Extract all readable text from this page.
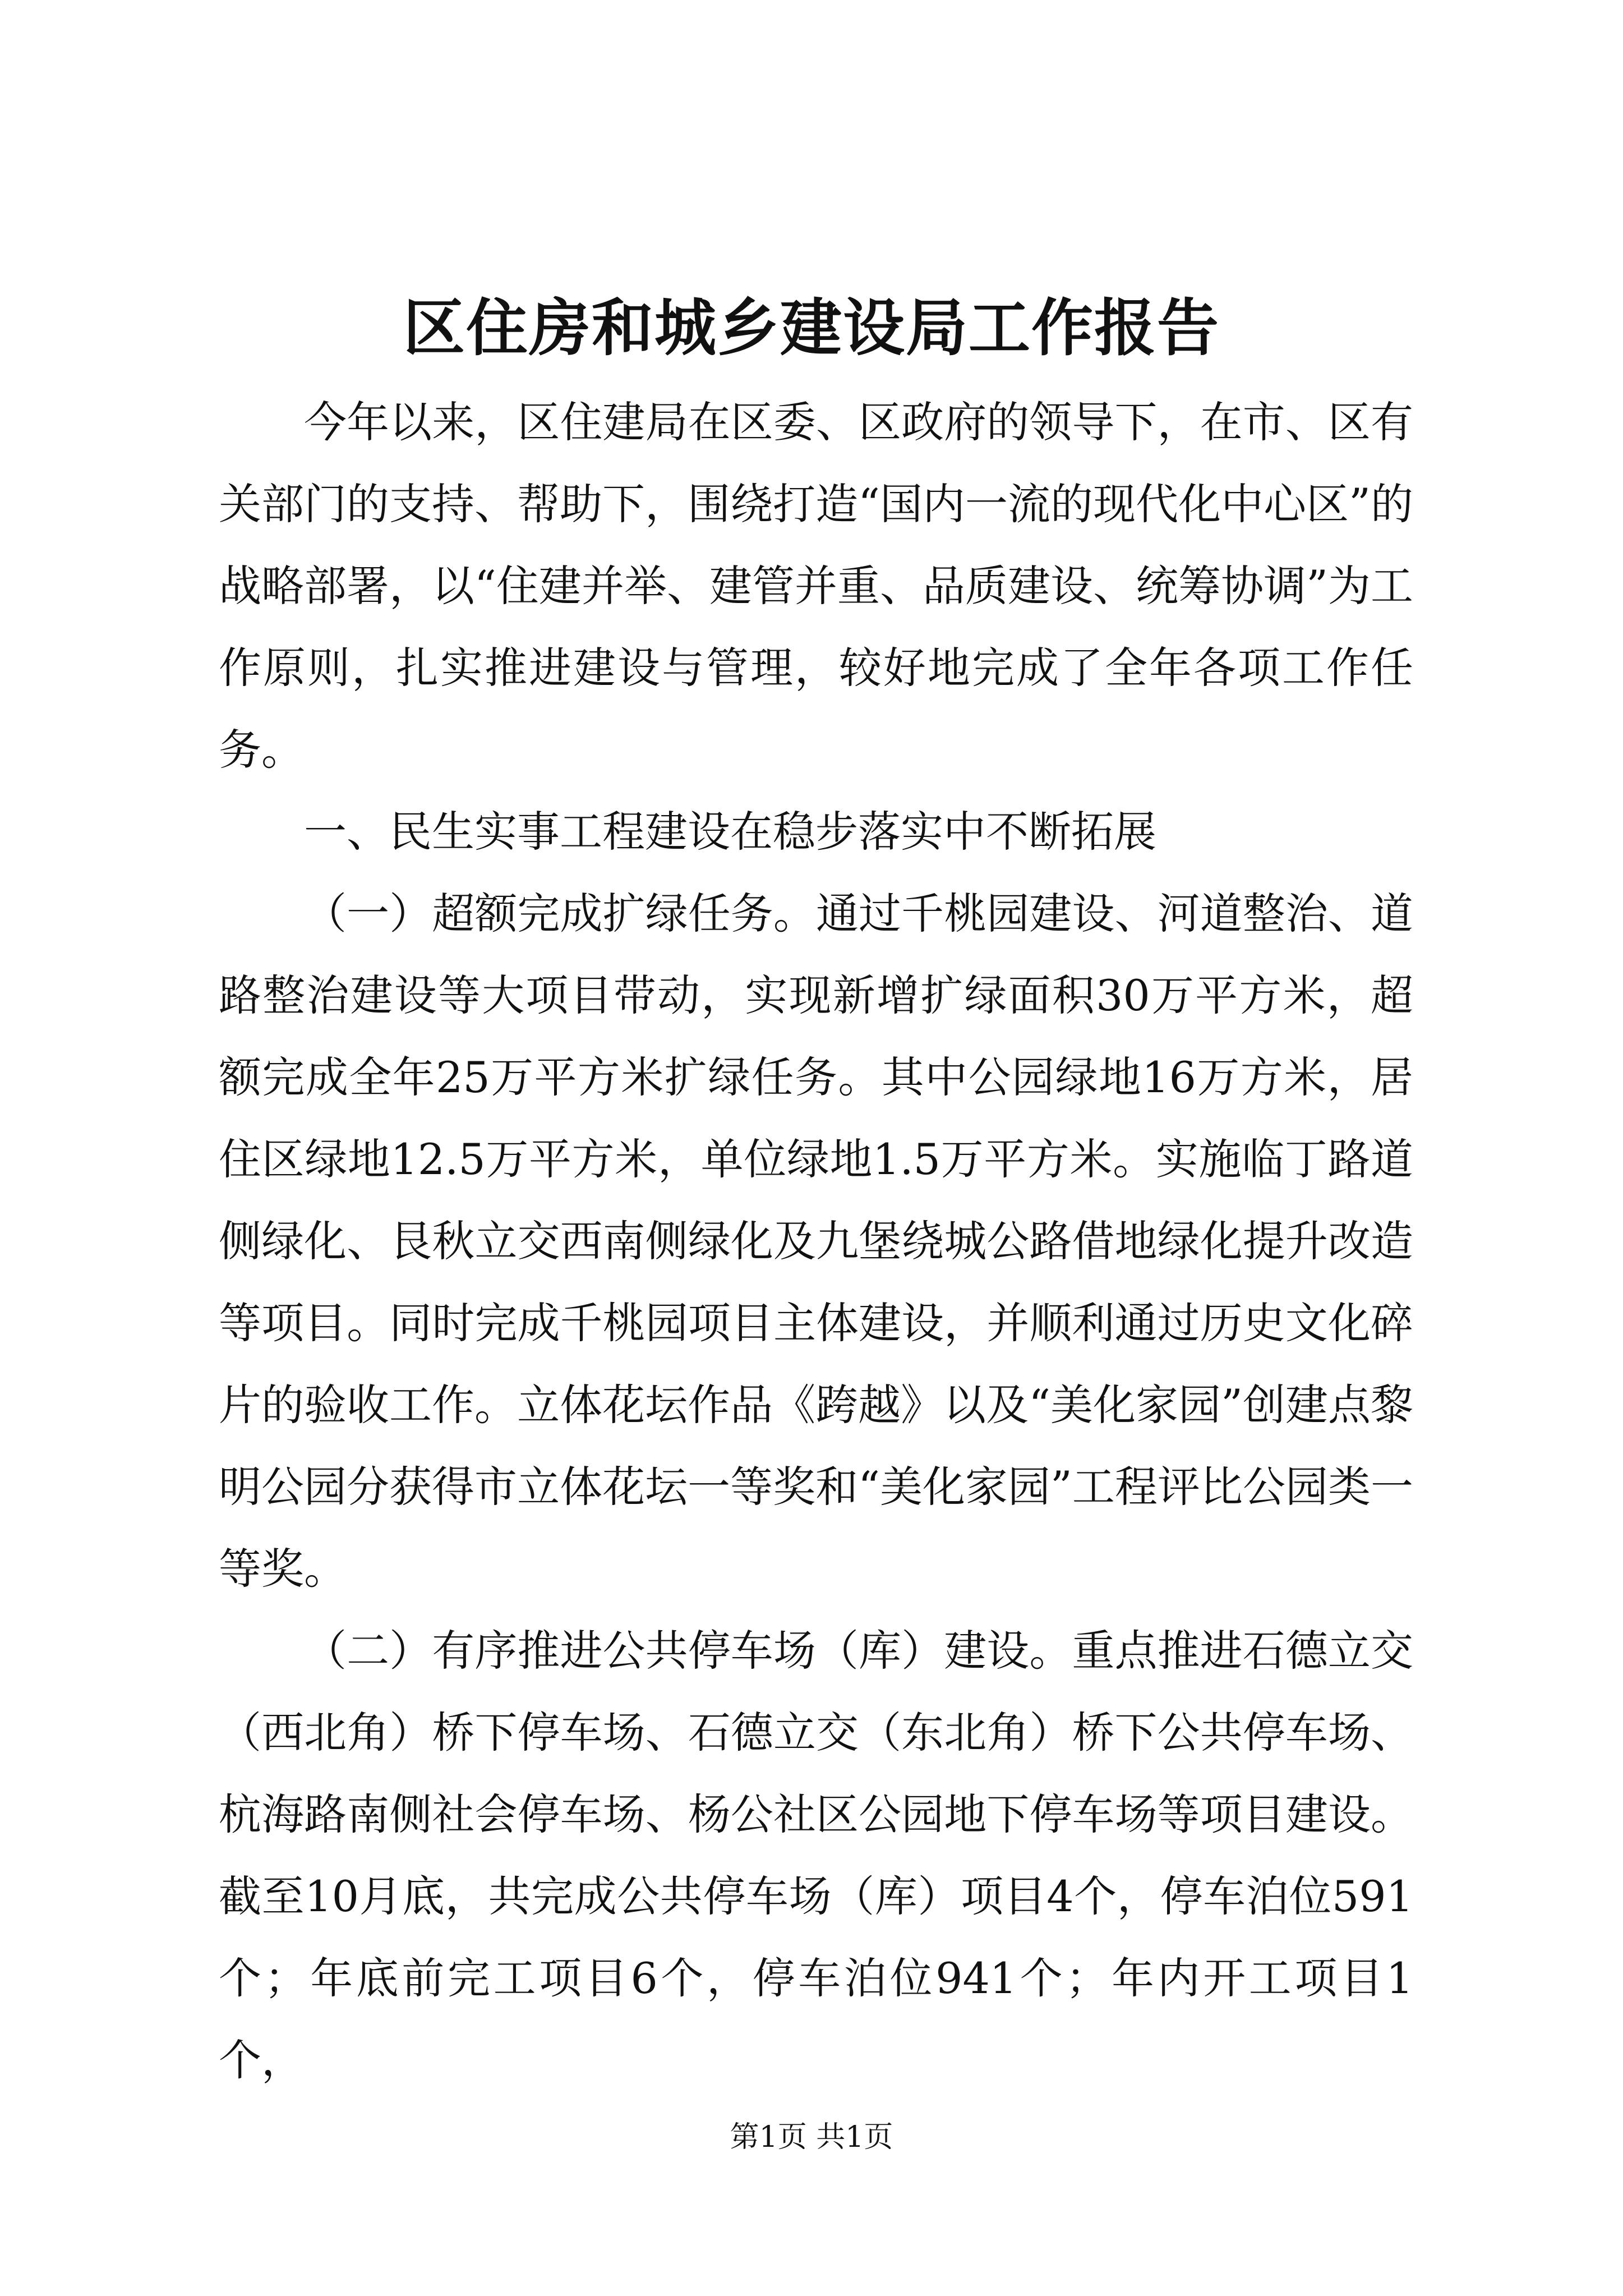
区住房和城乡建设局工作报告

今年以来，区住建局在区委、区政府的领导下，在市、区有关部门的支持、帮助下，围绕打造“国内一流的现代化中心区”的战略部署，以“住建并举、建管并重、品质建设、统筹协调”为工作原则，扎实推进建设与管理，较好地完成了全年各项工作任务。

一、民生实事工程建设在稳步落实中不断拓展

（一）超额完成扩绿任务。通过千桃园建设、河道整治、道路整治建设等大项目带动，实现新增扩绿面积30万平方米，超额完成全年25万平方米扩绿任务。其中公园绿地16万方米，居住区绿地12.5万平方米，单位绿地1.5万平方米。实施临丁路道侧绿化、艮秋立交西南侧绿化及九堡绕城公路借地绿化提升改造等项目。同时完成千桃园项目主体建设，并顺利通过历史文化碎片的验收工作。立体花坛作品《跨越》以及“美化家园”创建点黎明公园分获得市立体花坛一等奖和“美化家园”工程评比公园类一等奖。

（二）有序推进公共停车场（库）建设。重点推进石德立交（西北角）桥下停车场、石德立交（东北角）桥下公共停车场、杭海路南侧社会停车场、杨公社区公园地下停车场等项目建设。截至10月底，共完成公共停车场（库）项目4个，停车泊位591个；年底前完工项目6个，停车泊位941个；年内开工项目1个，

第1页 共1页
